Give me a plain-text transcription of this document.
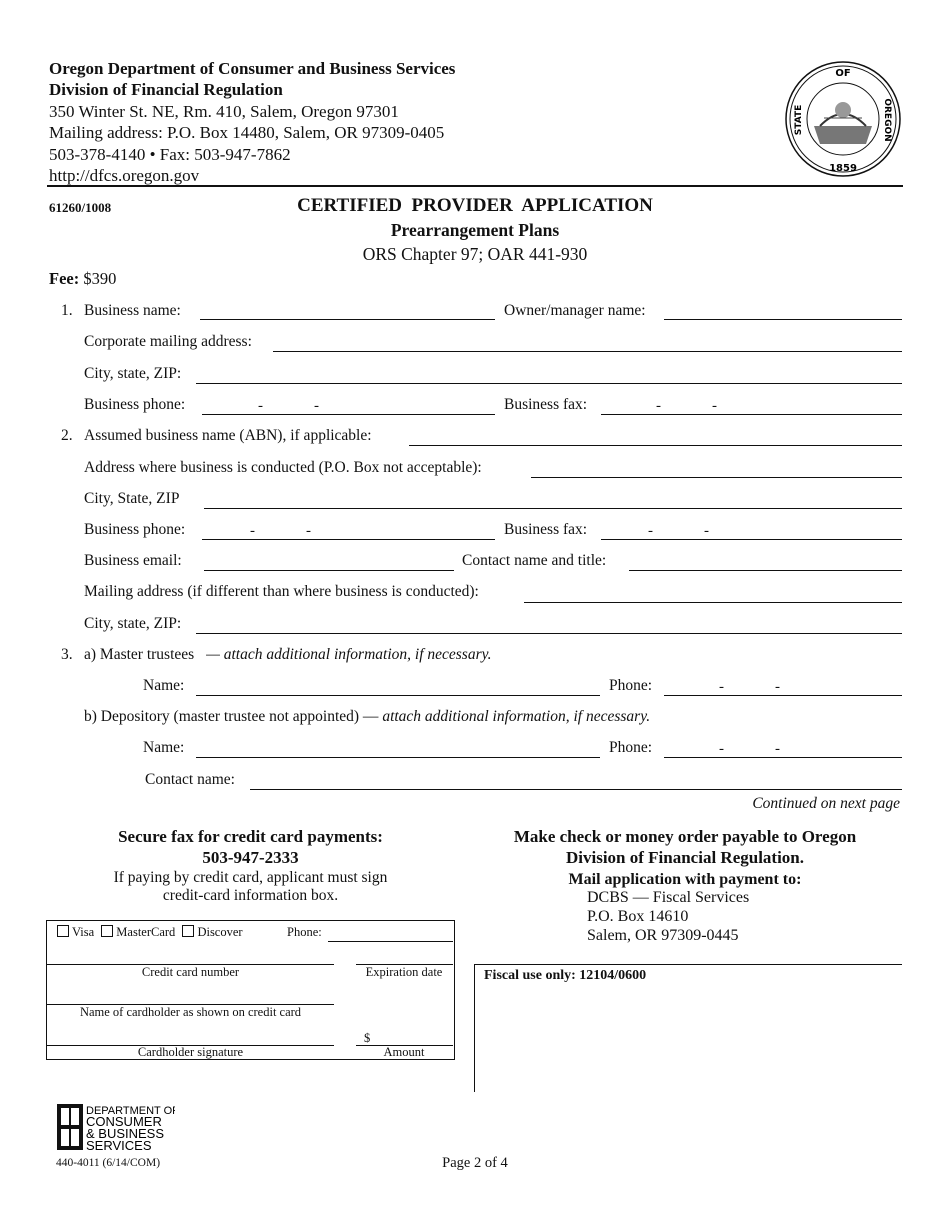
Oregon Department of Consumer and Business Services
Division of Financial Regulation
350 Winter St. NE, Rm. 410, Salem, Oregon 97301
Mailing address: P.O. Box 14480, Salem, OR 97309-0405
503-378-4140 • Fax: 503-947-7862
http://dfcs.oregon.gov
OF
STATE	OREGON
1859
61260/1008	CERTIFIED  PROVIDER  APPLICATION
Prearrangement Plans
ORS Chapter 97; OAR 441-930
Fee: $390
1. Business name:	Owner/manager name:
Corporate mailing address:
City, state, ZIP:
Business phone:	-	-	Business fax:	-	-
2. Assumed business name (ABN), if applicable:
Address where business is conducted (P.O. Box not acceptable):
City, State, ZIP
Business phone:	-	-	Business fax:	-	-
Business email:	Contact name and title:
Mailing address (if different than where business is conducted):
City, state, ZIP:
3. a) Master trustees — attach additional information, if necessary.
Name:	Phone:	-	-
b) Depository (master trustee not appointed) — attach additional information, if necessary.
Name:	Phone:	-	-
Contact name:
Continued on next page
Secure fax for credit card payments:
503-947-2333
If paying by credit card, applicant must sign
credit-card information box.
Visa MasterCard Discover	Phone:
Credit card number	Expiration date
Name of cardholder as shown on credit card
$
Cardholder signature	Amount
Make check or money order payable to Oregon
Division of Financial Regulation.
Mail application with payment to:
DCBS — Fiscal Services
P.O. Box 14610
Salem, OR 97309-0445
Fiscal use only: 12104/0600
DEPARTMENT OF
CONSUMER
& BUSINESS
SERVICES
440-4011 (6/14/COM)	Page 2 of 4
